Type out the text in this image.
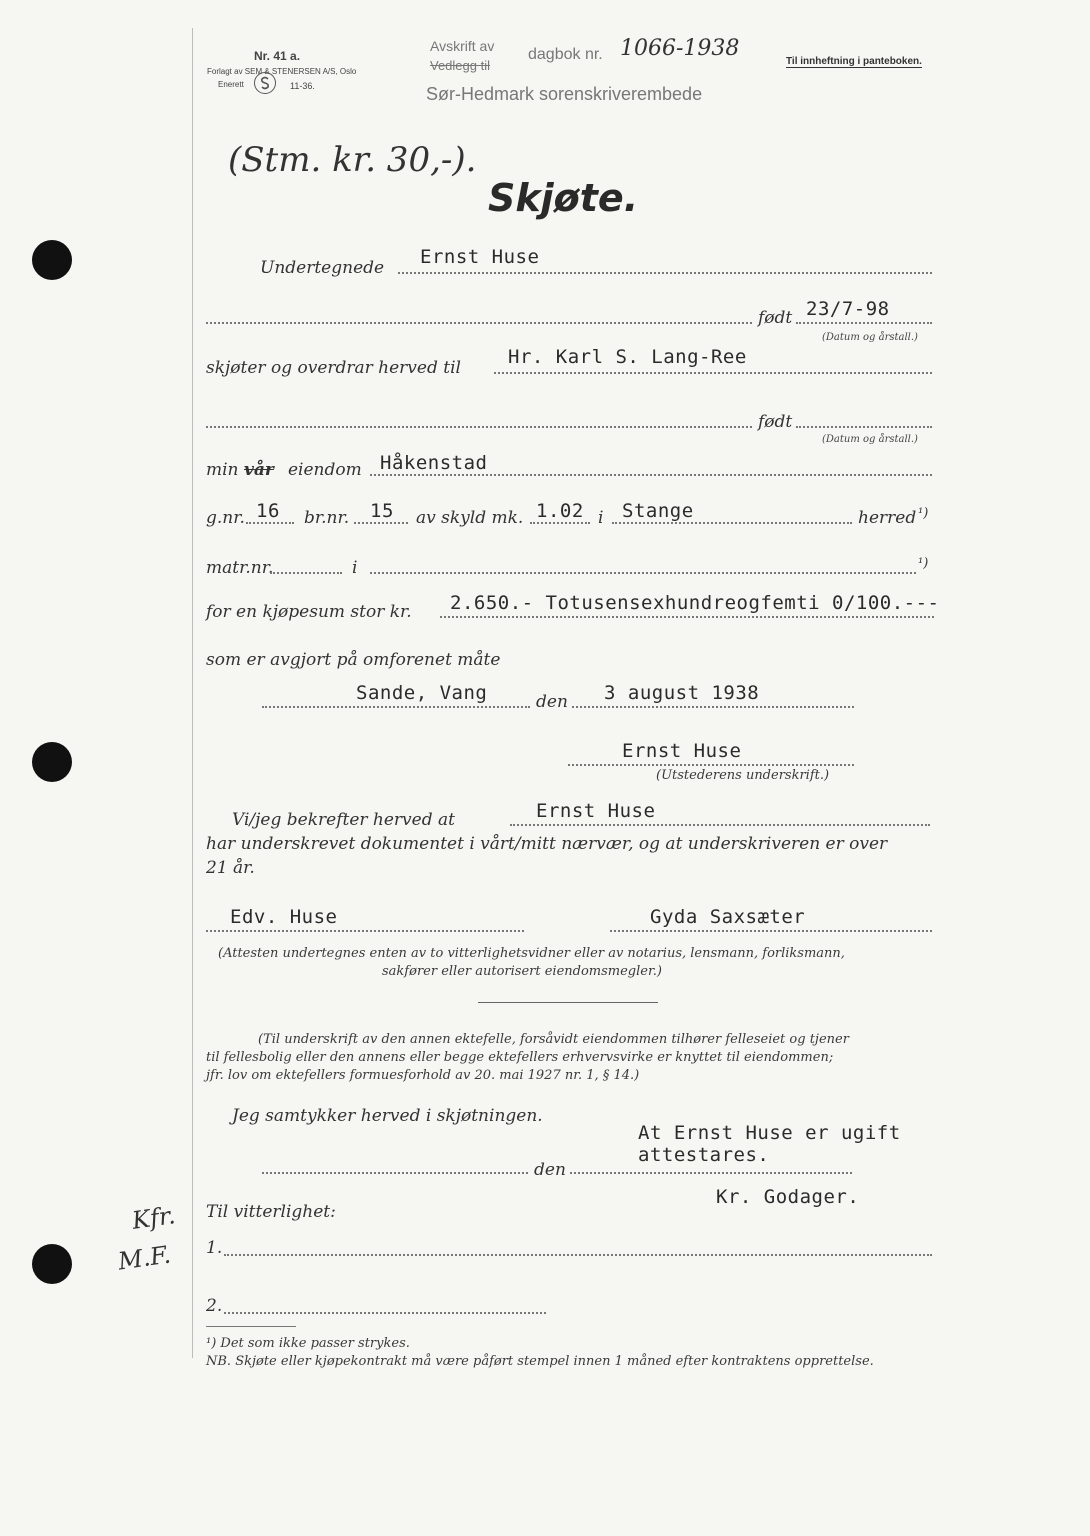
Nr. 41 a.
Forlagt av SEM & STENERSEN A/S, Oslo
Enerett	11-36.
Avskrift av
Vedlegg til
dagbok nr. 1066-1938
Sør-Hedmark sorenskriverembede
Til innheftning i panteboken.
(Stm. kr. 30,-).
Skjøte.
Undertegnede Ernst Huse
født 23/7-98
(Datum og årstall.)
skjøter og overdrar herved til Hr. Karl S. Lang-Ree
født
(Datum og årstall.)
min vår eiendom Håkenstad
g.nr. 16 br.nr. 15 av skyld mk. 1.02 i Stange	herred ¹)
matr.nr.	i	¹)
for en kjøpesum stor kr. 2.650.- Totusensexhundreogfemti 0/100.---
som er avgjort på omforenet måte
Sande, Vang	den 3 august 1938
Ernst Huse
(Utstederens underskrift.)
Vi/jeg bekrefter herved at	Ernst Huse
har underskrevet dokumentet i vårt/mitt nærvær, og at underskriveren er over
21 år.
Edv. Huse	Gyda Saxsæter
(Attesten undertegnes enten av to vitterlighetsvidner eller av notarius, lensmann, forliksmann,
sakfører eller autorisert eiendomsmegler.)
(Til underskrift av den annen ektefelle, forsåvidt eiendommen tilhører felleseiet og tjener
til fellesbolig eller den annens eller begge ektefellers erhvervsvirke er knyttet til eiendommen;
jfr. lov om ektefellers formuesforhold av 20. mai 1927 nr. 1, § 14.)
Jeg samtykker herved i skjøtningen.
At Ernst Huse er ugift
attestares.
den
Kr. Godager.
Til vitterlighet:
1.
2.
Kfr.
M.F.
¹) Det som ikke passer strykes.
NB. Skjøte eller kjøpekontrakt må være påført stempel innen 1 måned efter kontraktens opprettelse.
